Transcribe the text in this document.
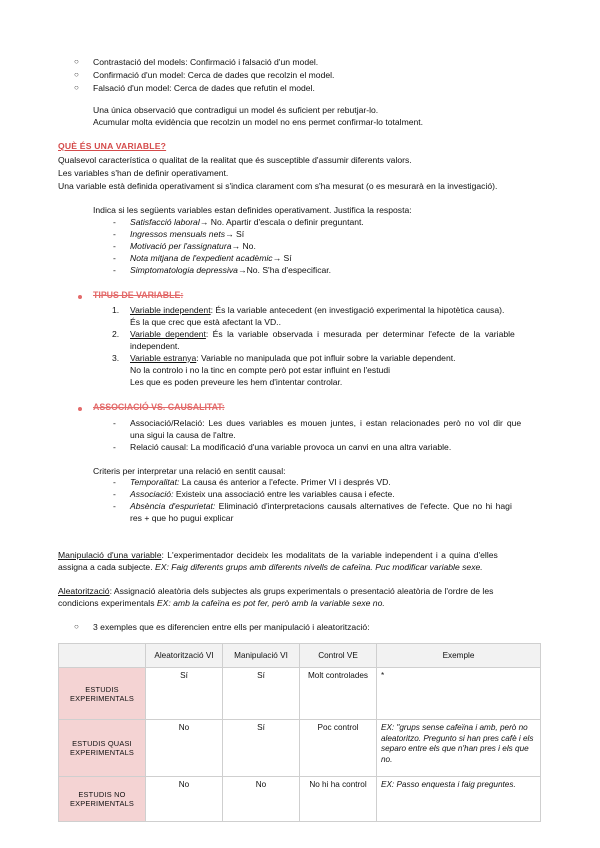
○ Contrastació del models: Confirmació i falsació d'un model.
○ Confirmació d'un model: Cerca de dades que recolzin el model.
○ Falsació d'un model: Cerca de dades que refutin el model.
Una única observació que contradigui un model és suficient per rebutjar-lo.
Acumular molta evidència que recolzin un model no ens permet confirmar-lo totalment.
QUÈ ÉS UNA VARIABLE?
Qualsevol característica o qualitat de la realitat que és susceptible d'assumir diferents valors.
Les variables s'han de definir operativament.
Una variable està definida operativament si s'indica clarament com s'ha mesurat (o es mesurarà en la investigació).
Indica si les següents variables estan definides operativament. Justifica la resposta:
- Satisfacció laboral→ No. Apartir d'escala o definir preguntant.
- Ingressos mensuals nets→ Sí
- Motivació per l'assignatura→ No.
- Nota mitjana de l'expedient acadèmic→ Sí
- Simptomatologia depressiva→No. S'ha d'especificar.
TIPUS DE VARIABLE:
1. Variable independent: És la variable antecedent (en investigació experimental la hipotètica causa).
És la que crec que està afectant la VD..
2. Variable dependent: És la variable observada i mesurada per determinar l'efecte de la variable
independent.
3. Variable estranya: Variable no manipulada que pot influir sobre la variable dependent.
No la controlo i no la tinc en compte però pot estar influint en l'estudi
Les que es poden preveure les hem d'intentar controlar.
ASSOCIACIÓ VS. CAUSALITAT:
- Associació/Relació: Les dues variables es mouen juntes, i estan relacionades però no vol dir que
una sigui la causa de l'altre.
- Relació causal: La modificació d'una variable provoca un canvi en una altra variable.
Criteris per interpretar una relació en sentit causal:
- Temporalitat: La causa és anterior a l'efecte. Primer VI i després VD.
- Associació: Existeix una associació entre les variables causa i efecte.
- Absència d'espurietat: Eliminació d'interpretacions causals alternatives de l'efecte. Que no hi hagi
res + que ho pugui explicar
Manipulació d'una variable: L'experimentador decideix les modalitats de la variable independent i a quina d'elles
assigna a cada subjecte. EX: Faig diferents grups amb diferents nivells de cafeïna. Puc modificar variable sexe.
Aleatorització: Assignació aleatòria dels subjectes als grups experimentals o presentació aleatòria de l'ordre de les
condicions experimentals EX: amb la cafeïna es pot fer, però amb la variable sexe no.
○ 3 exemples que es diferencien entre ells per manipulació i aleatorització:
	Aleatorització VI	Manipulació VI	Control VE	Exemple
ESTUDIS EXPERIMENTALS	Sí	Sí	Molt controlades	*
ESTUDIS QUASI EXPERIMENTALS	No	Sí	Poc control	EX: "grups sense cafeïna i amb, però no aleatoritzo. Pregunto si han pres cafè i els separo entre els que n'han pres i els que no.
ESTUDIS NO EXPERIMENTALS	No	No	No hi ha control	EX: Passo enquesta i faig preguntes.
